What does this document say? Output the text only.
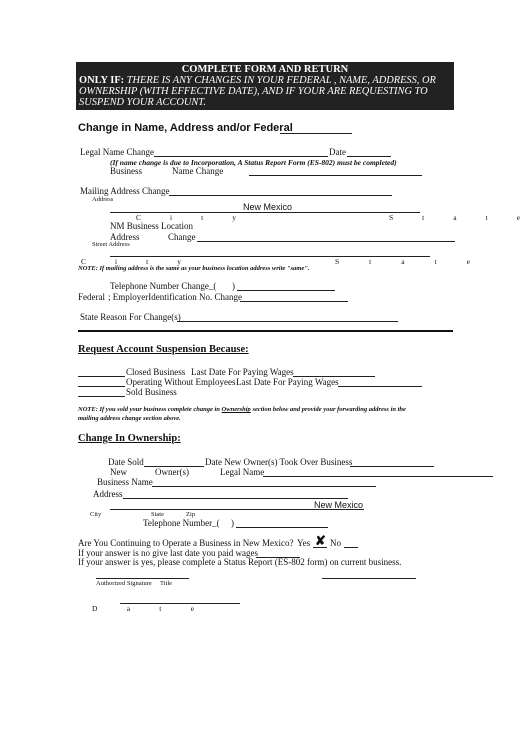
COMPLETE FORM AND RETURN
ONLY IF: THERE IS ANY CHANGES IN YOUR FEDERAL , NAME, ADDRESS, OR OWNERSHIP (WITH EFFECTIVE DATE), AND IF YOUR ARE REQUESTING TO SUSPEND YOUR ACCOUNT.
Change in Name, Address and/or Federal
Legal Name Change	Date
(If name change is due to Incorporation, A Status Report Form (ES-802) must be completed)
Business	Name Change
Mailing Address Change
Address
New Mexico
C	i	t	y	S	t	a	t	e
NM Business Location
Address	Change
Street Address
C	i	t	y	S	t	a	t	e
NOTE: If mailing address is the same as your business location address write "same".
Telephone Number Change_( )
Federal ; EmployerIdentification No. Change
State Reason For Change(s)
Request Account Suspension Because:
Closed Business Last Date For Paying Wages
Operating Without Employees Last Date For Paying Wages
Sold Business
NOTE: If you sold your business complete change in Ownership section below and provide your forwarding address in the
mailing address change section above.
Change In Ownership:
Date Sold	Date New Owner(s) Took Over Business
New	Owner(s)	Legal Name
Business Name
Address
New Mexico
City	State	Zip
Telephone Number_( )
Are You Continuing to Operate a Business in New Mexico? Yes ✘ No
If your answer is no give last date you paid wages
If your answer is yes, please complete a Status Report (ES-802 form) on current business.
Authorized Signature Title
D	a	t	e
